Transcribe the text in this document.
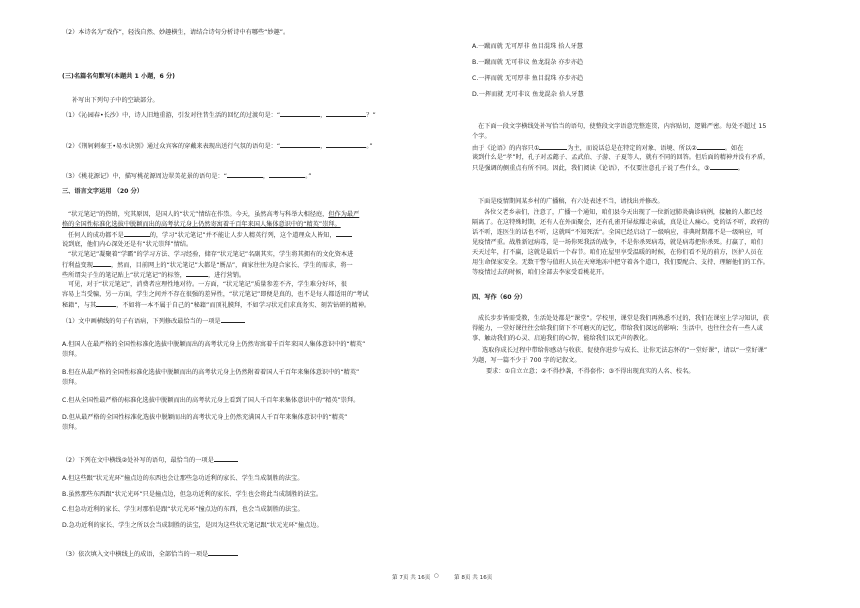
（2）本诗名为“戏作”，轻浅自然、妙趣横生，请结合诗句分析诗中有哪些“妙趣”。
(三)名篇名句默写(本题共 1 小题，6 分)
补写出下列句子中的空缺部分。
（1）《沁园春•长沙》中，诗人旧地重游，引发对往昔生活的回忆的过渡句是：“	，	？”
（2）《荆轲刺秦王•易水诀别》通过众宾客的穿戴来表现出送行气氛的语句是：“	，	。”
（3）《桃花源记》中，描写桃花源周边翠美花景的语句是：“	，	。”
三、语言文字运用 （20 分）
“状元笔记”的热销，究其原因，是国人的“状元”情结在作祟。今天，虽然高考与科举大相径庭，但作为最严
格的全国性标准化选拔中脱颖而出的高考状元身上仍然寄寓着千百年来国人集体意识中的“精英”崇拜。
任何人的成功都不是	的，学习“状元笔记”并不能让人步人精英行列，这个道理众人皆知，
说到底，他们内心深处还是有“状元崇拜”情结。
“状元笔记”凝聚着“学霸”的学习方法、学习经验，储存“状元笔记”名副其实，学生将其拥有的文化资本进
行利益变现	，然而，目前网上的“状元笔记”大都是“赝品”，商家往往为迎合家长、学生的需求，将一
些所谓尖子生的笔记贴上“状元笔记”的标签，	，进行营销。
可见，对于“状元笔记”，消费者应理性地对待。一方面，“状元笔记”质量参差不齐，学生难分好坏，很
容易上当受骗，另一方面，学生之间并不存在很强的差异性，“状元笔记”即便是真的，也不是每人都适用的“考试
秘籍”，与其	，不如将一本不属于自己的“秘籍”而顶礼膜拜，不如学习状元们求真务实、刻苦钻研的精神。
（1）文中画横线的句子有语病，下列修改最恰当的一项是
A.但国人在最严格的全国性标准化选拔中脱颖而出的高考状元身上仍然寄寓着千百年来国人集体意识中的“精英”
崇拜。
B.但在从最严格的全国性标准化选拔中脱颖而出的高考状元身上仍然附着着国人千百年来集体意识中的“精英”
崇拜。
C.但从全国性最严格的标准化选拔中脱颖而出的高考状元身上看到了国人千百年来集体意识中的“精英”崇拜。
D.但从最严格的全国性标准化选拔中脱颖而出的高考状元身上仍然充满国人千百年来集体意识中的“精英”
崇拜。
（2）下列在文中横线②处补写的语句，最恰当的一项是
A.但这些跟“状元光环”撞点边的东西也会让那些急功近利的家长、学生当成制胜的法宝。
B.虽然那些东西跟“状元光环”只是撞点边，但急功近利的家长、学生也会将此当成制胜的法宝。
C.但急功近利的家长、学生对那怕是跟“状元光环”撞点边的东西，也会当成制胜的法宝。
D.急功近利的家长、学生之所以会当成制胜的法宝，是因为这些状元笔记跟“状元光环”撞点边。
（3）依次填入文中横线上的成语，全部恰当的一项是
A.一蹴而就 无可厚非 鱼目混珠 拾人牙慧
B.一蹴而就 无可非议 鱼龙混杂 亦步亦趋
C.一挥而就 无可厚非 鱼目混珠 亦步亦趋
D.一挥而就 无可非议 鱼龙混杂 拾人牙慧
在下面一段文字横线处补写恰当的语句，使整段文字语意完整连贯，内容贴切，逻辑严密。每处不超过 15
个字。
由于《论语》的内容只①	为主，而说话总是在特定的对象、语境、所以②	。如在
谈到什么是“孝”时，孔子对孟懿子、孟武伯、子游、子夏等人，就有不同的回答。但后面的精神并没有矛盾，
只是强调的侧重点有所不同。因此，我们阅读《论语》，不仅要注意孔子说了些什么，③	。
下面是疫情期间某乡村的广播稿，有六处表述不当，请找出并修改。
各位父老乡亲们，注意了，广播一个通知，咱们县今天出现了一位新冠肺炎确诊病例，接触的人都已经
隔离了。在这特殊时期，还有人在外面聚会，还有孔雀开屏炫耀走亲戚，真是让人痛心。党的话不听，政府的
话不听，连医生的话也不听，这就叫“不知死活”。全国已经启动了一级响应，非典时期都不是一级响应，可
见疫情严重。战胜新冠病毒，是一场你死我活的战争，不是你杀死病毒，就是病毒把你杀死。打赢了，咱们
天天过年，打不赢，这就是最后一个春节。咱们在屋里享受温暖的时候，在你们看不见的前方，医护人员在
用生命保家安全。无数干警与值班人员在天寒地冻中把守着各个道口，我们要配合、支持、理解他们的工作。
等疫情过去的时候，咱们全部去李家受看桃花开。
四、写作（60 分）
成长步步皆需受教，生活处处都是“课堂”。学校里，课堂是我们再熟悉不过的，我们在课室上学习知识，获
得能力，一堂好课往往会给我们留下不可磨灭的记忆，带给我们深远的影响；生活中，也往往会有一些人或
事、触动我们的心灵、启迪我们的心智，能给我们以无声的教化。
选取你成长过程中带给你感动与收获、促使你进步与成长、让你无法忘怀的“一堂好课”，请以“一堂好课”
为题，写一篇不少于 700 字的记叙文。
要求：①自立立意；②不得抄袭，不得套作；③不得出现真实的人名、校名。
第 7页 共 16页 ○	第 8页 共 16页
